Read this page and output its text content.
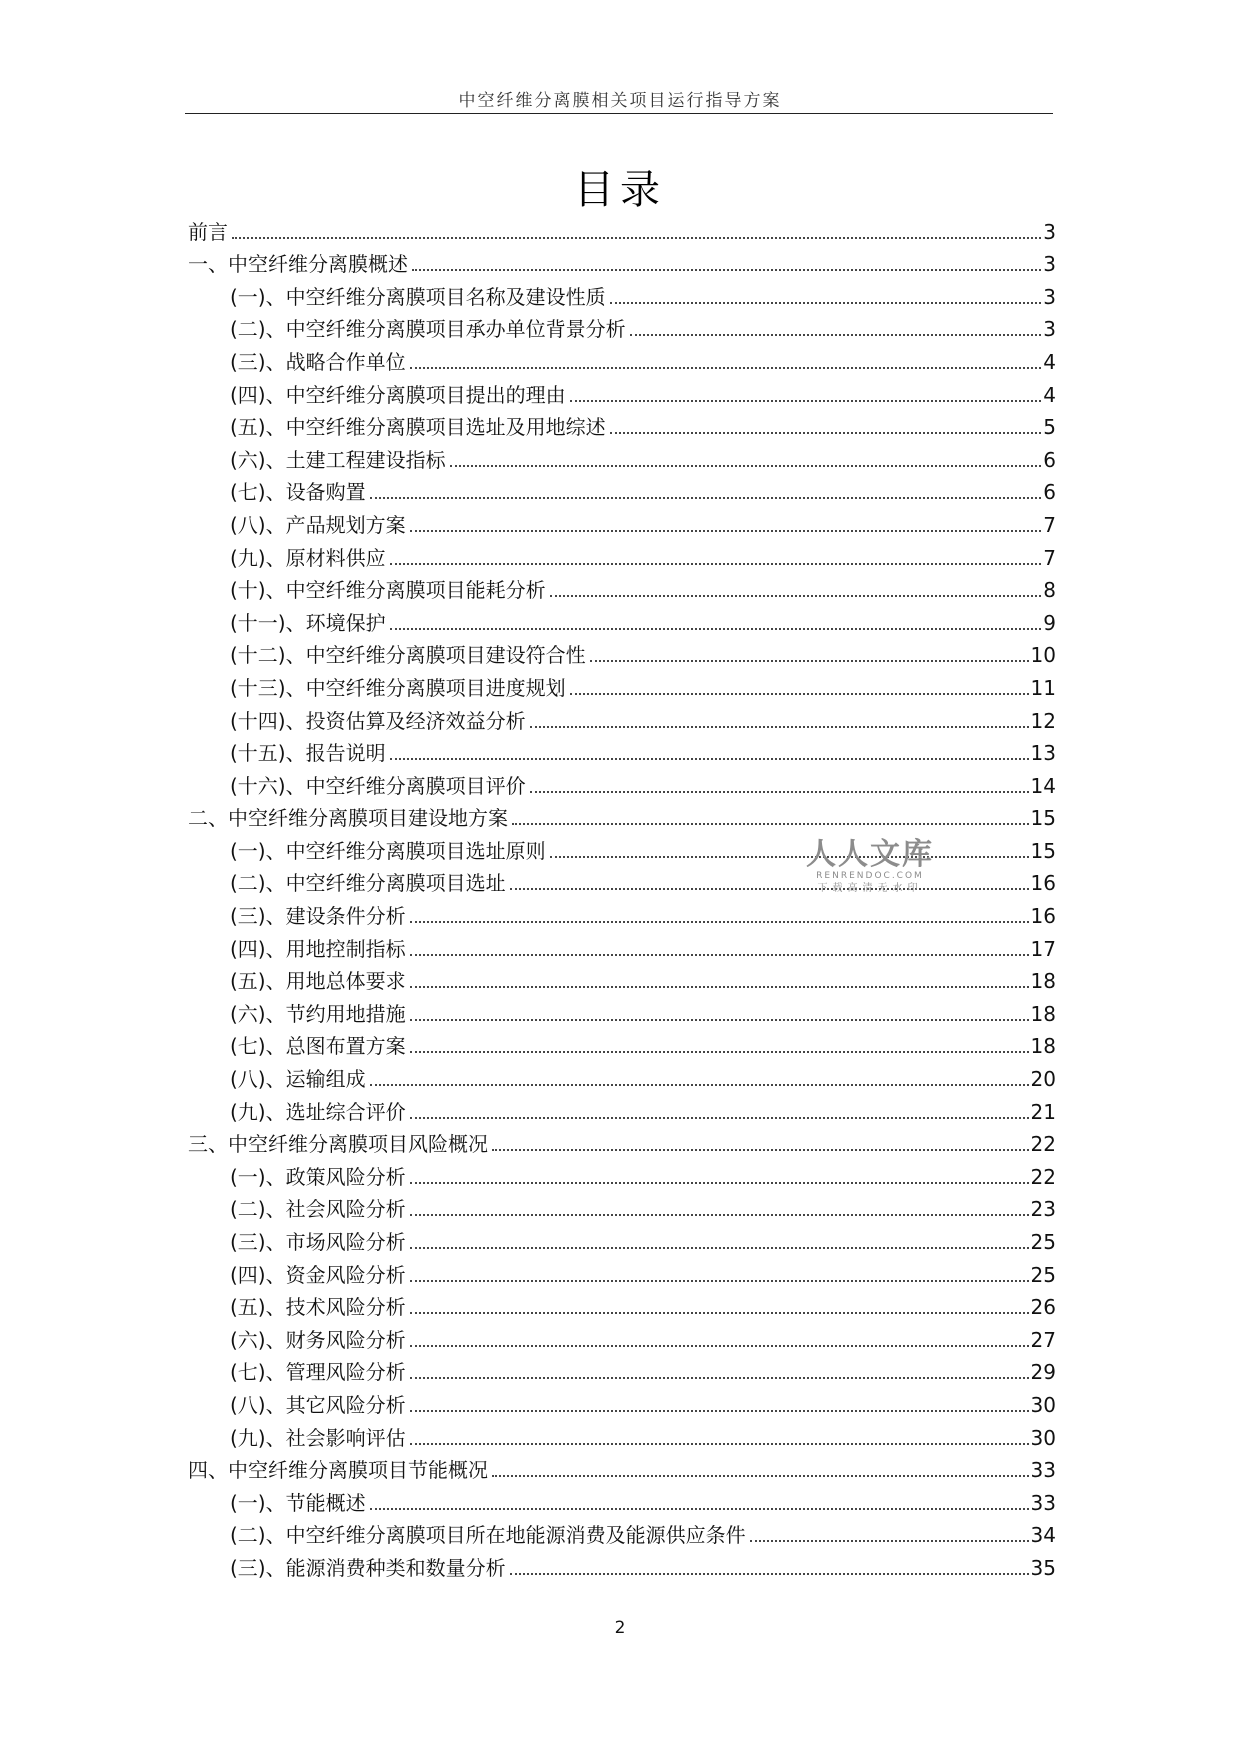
中空纤维分离膜相关项目运行指导方案
目录
前言	3
一、中空纤维分离膜概述	3
(一)、中空纤维分离膜项目名称及建设性质	3
(二)、中空纤维分离膜项目承办单位背景分析	3
(三)、战略合作单位	4
(四)、中空纤维分离膜项目提出的理由	4
(五)、中空纤维分离膜项目选址及用地综述	5
(六)、土建工程建设指标	6
(七)、设备购置	6
(八)、产品规划方案	7
(九)、原材料供应	7
(十)、中空纤维分离膜项目能耗分析	8
(十一)、环境保护	9
(十二)、中空纤维分离膜项目建设符合性	10
(十三)、中空纤维分离膜项目进度规划	11
(十四)、投资估算及经济效益分析	12
(十五)、报告说明	13
(十六)、中空纤维分离膜项目评价	14
二、中空纤维分离膜项目建设地方案	15
(一)、中空纤维分离膜项目选址原则	15
(二)、中空纤维分离膜项目选址	16
(三)、建设条件分析	16
(四)、用地控制指标	17
(五)、用地总体要求	18
(六)、节约用地措施	18
(七)、总图布置方案	18
(八)、运输组成	20
(九)、选址综合评价	21
三、中空纤维分离膜项目风险概况	22
(一)、政策风险分析	22
(二)、社会风险分析	23
(三)、市场风险分析	25
(四)、资金风险分析	25
(五)、技术风险分析	26
(六)、财务风险分析	27
(七)、管理风险分析	29
(八)、其它风险分析	30
(九)、社会影响评估	30
四、中空纤维分离膜项目节能概况	33
(一)、节能概述	33
(二)、中空纤维分离膜项目所在地能源消费及能源供应条件	34
(三)、能源消费种类和数量分析	35
人人文库
RENRENDOC.COM
下载高清无水印
2
